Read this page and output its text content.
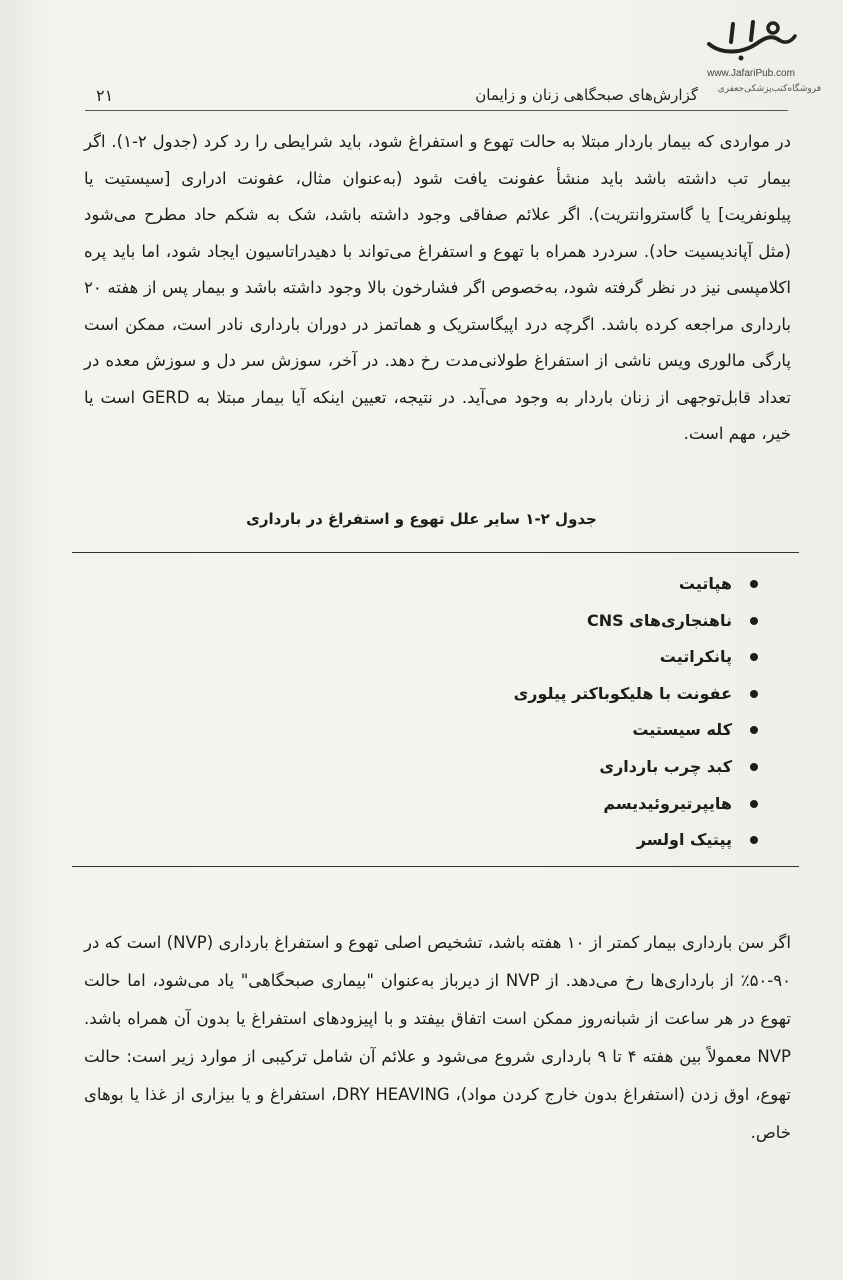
www.JafariPub.com
فروشگاه‌کتب‌پزشکی‌جعفری
گزارش‌های صبحگاهی زنان و زایمان
۲۱

در مواردی که بیمار باردار مبتلا به حالت تهوع و استفراغ شود، باید شرایطی را رد کرد (جدول ۲-۱). اگر بیمار تب داشته باشد باید منشأ عفونت یافت شود (به‌عنوان مثال، عفونت ادراری [سیستیت یا پیلونفریت] یا گاستروانتریت). اگر علائم صفاقی وجود داشته باشد، شک به شکم حاد مطرح می‌شود (مثل آپاندیسیت حاد). سردرد همراه با تهوع و استفراغ می‌تواند با دهیدراتاسیون ایجاد شود، اما باید پره اکلامپسی نیز در نظر گرفته شود، به‌خصوص اگر فشارخون بالا وجود داشته باشد و بیمار پس از هفته ۲۰ بارداری مراجعه کرده باشد. اگرچه درد اپیگاستریک و هماتمز در دوران بارداری نادر است، ممکن است پارگی مالوری ویس ناشی از استفراغ طولانی‌مدت رخ دهد. در آخر، سوزش سر دل و سوزش معده در تعداد قابل‌توجهی از زنان باردار به وجود می‌آید. در نتیجه، تعیین اینکه آیا بیمار مبتلا به GERD است یا خیر، مهم است.

جدول ۲-۱ سایر علل تهوع و استفراغ در بارداری
هپاتیت
ناهنجاری‌های CNS
پانکراتیت
عفونت با هلیکوباکتر پیلوری
کله سیستیت
کبد چرب بارداری
هایپرتیروئیدیسم
پپتیک اولسر

اگر سن بارداری بیمار کمتر از ۱۰ هفته باشد، تشخیص اصلی تهوع و استفراغ بارداری (NVP) است که در ۹۰-۵۰٪ از بارداری‌ها رخ می‌دهد. از NVP از دیرباز به‌عنوان "بیماری صبحگاهی" یاد می‌شود، اما حالت تهوع در هر ساعت از شبانه‌روز ممکن است اتفاق بیفتد و با اپیزودهای استفراغ یا بدون آن همراه باشد. NVP معمولاً بین هفته ۴ تا ۹ بارداری شروع می‌شود و علائم آن شامل ترکیبی از موارد زیر است: حالت تهوع، اوق زدن (استفراغ بدون خارج کردن مواد)، DRY HEAVING، استفراغ و یا بیزاری از غذا یا بوهای خاص.
